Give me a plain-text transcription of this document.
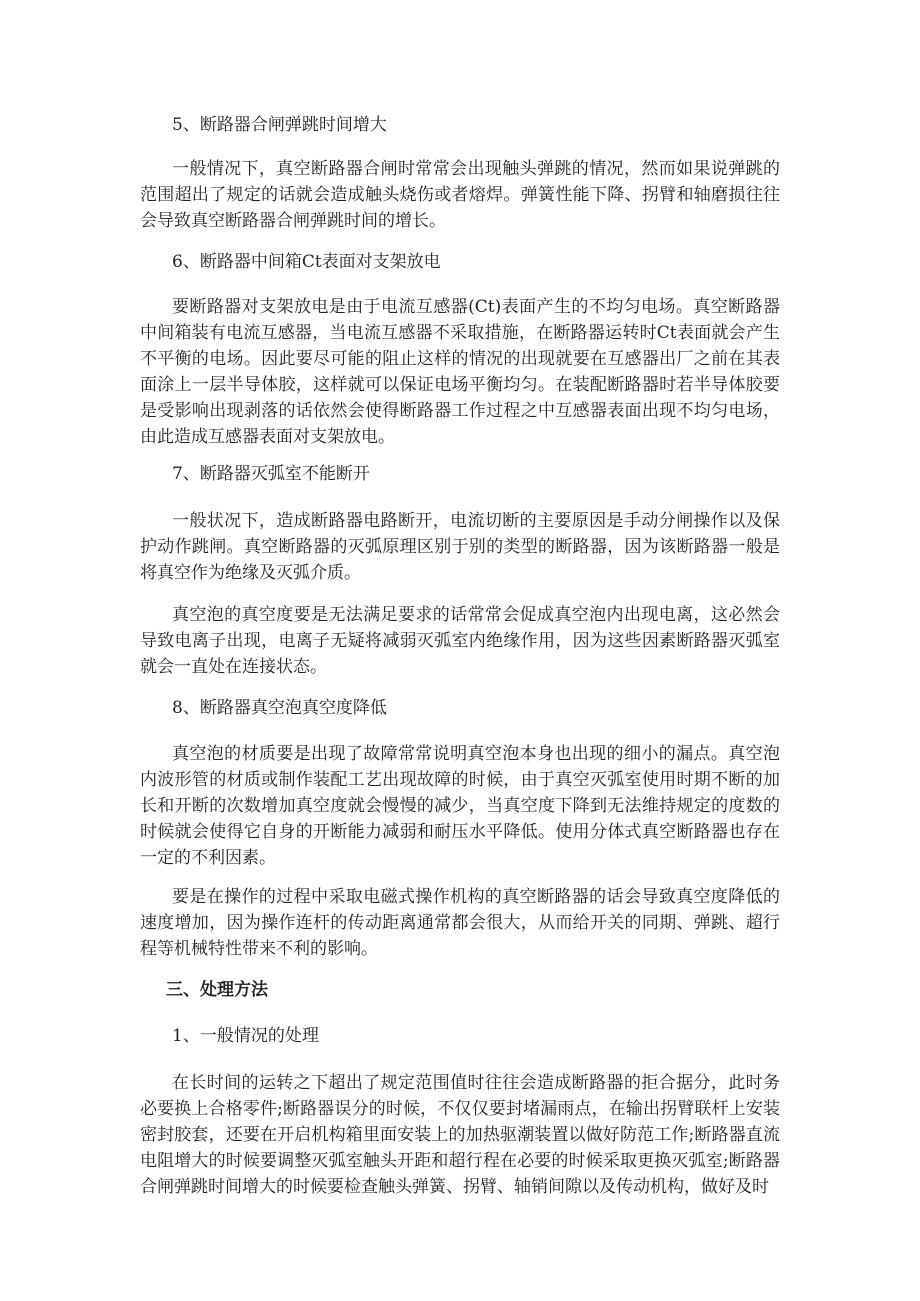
5、断路器合闸弹跳时间增大
一般情况下，真空断路器合闸时常常会出现触头弹跳的情况，然而如果说弹跳的范围超出了规定的话就会造成触头烧伤或者熔焊。弹簧性能下降、拐臂和轴磨损往往会导致真空断路器合闸弹跳时间的增长。
6、断路器中间箱Ct表面对支架放电
要断路器对支架放电是由于电流互感器(Ct)表面产生的不均匀电场。真空断路器中间箱装有电流互感器，当电流互感器不采取措施，在断路器运转时Ct表面就会产生不平衡的电场。因此要尽可能的阻止这样的情况的出现就要在互感器出厂之前在其表面涂上一层半导体胶，这样就可以保证电场平衡均匀。在装配断路器时若半导体胶要是受影响出现剥落的话依然会使得断路器工作过程之中互感器表面出现不均匀电场，由此造成互感器表面对支架放电。
7、断路器灭弧室不能断开
一般状况下，造成断路器电路断开，电流切断的主要原因是手动分闸操作以及保护动作跳闸。真空断路器的灭弧原理区别于别的类型的断路器，因为该断路器一般是将真空作为绝缘及灭弧介质。
真空泡的真空度要是无法满足要求的话常常会促成真空泡内出现电离，这必然会导致电离子出现，电离子无疑将减弱灭弧室内绝缘作用，因为这些因素断路器灭弧室就会一直处在连接状态。
8、断路器真空泡真空度降低
真空泡的材质要是出现了故障常常说明真空泡本身也出现的细小的漏点。真空泡内波形管的材质或制作装配工艺出现故障的时候，由于真空灭弧室使用时期不断的加长和开断的次数增加真空度就会慢慢的减少，当真空度下降到无法维持规定的度数的时候就会使得它自身的开断能力减弱和耐压水平降低。使用分体式真空断路器也存在一定的不利因素。
要是在操作的过程中采取电磁式操作机构的真空断路器的话会导致真空度降低的速度增加，因为操作连杆的传动距离通常都会很大，从而给开关的同期、弹跳、超行程等机械特性带来不利的影响。
三、处理方法
1、一般情况的处理
在长时间的运转之下超出了规定范围值时往往会造成断路器的拒合据分，此时务必要换上合格零件;断路器误分的时候，不仅仅要封堵漏雨点，在输出拐臂联杆上安装密封胶套，还要在开启机构箱里面安装上的加热驱潮装置以做好防范工作;断路器直流电阻增大的时候要调整灭弧室触头开距和超行程在必要的时候采取更换灭弧室;断路器合闸弹跳时间增大的时候要检查触头弹簧、拐臂、轴销间隙以及传动机构，做好及时
